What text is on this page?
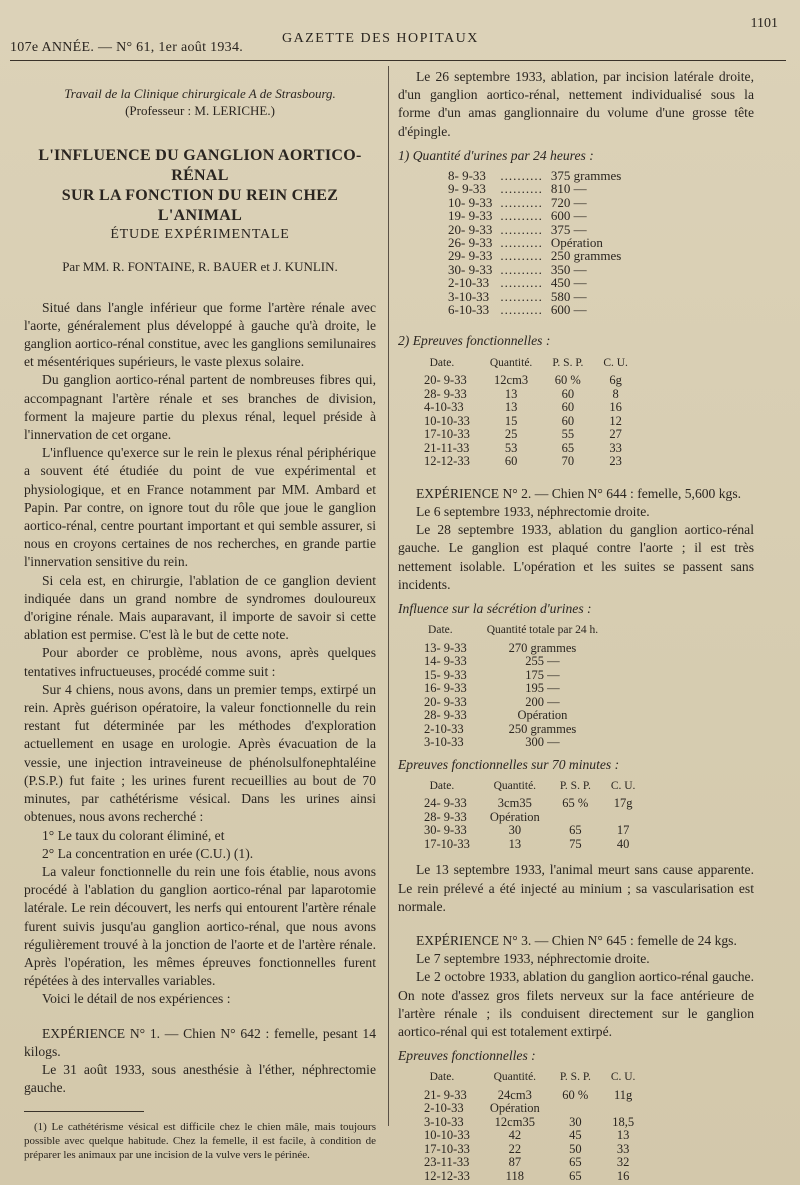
107e ANNÉE. — N° 61, 1er août 1934.
GAZETTE DES HOPITAUX
1101
Travail de la Clinique chirurgicale A de Strasbourg.
(Professeur : M. LERICHE.)
L'INFLUENCE DU GANGLION AORTICO-RÉNAL
SUR LA FONCTION DU REIN CHEZ L'ANIMAL
ÉTUDE EXPÉRIMENTALE
Par MM. R. FONTAINE, R. BAUER et J. KUNLIN.

Situé dans l'angle inférieur que forme l'artère rénale avec l'aorte, généralement plus développé à gauche qu'à droite, le ganglion aortico-rénal constitue, avec les ganglions semilunaires et mésentériques supérieurs, le vaste plexus solaire.

Du ganglion aortico-rénal partent de nombreuses fibres qui, accompagnant l'artère rénale et ses branches de division, forment la majeure partie du plexus rénal, lequel préside à l'innervation de cet organe.

L'influence qu'exerce sur le rein le plexus rénal périphérique a souvent été étudiée du point de vue expérimental et physiologique, et en France notamment par MM. Ambard et Papin. Par contre, on ignore tout du rôle que joue le ganglion aortico-rénal, centre pourtant important et qui semble assurer, si nous en croyons certaines de nos recherches, en grande partie l'innervation sensitive du rein.

Si cela est, en chirurgie, l'ablation de ce ganglion devient indiquée dans un grand nombre de syndromes douloureux d'origine rénale. Mais auparavant, il importe de savoir si cette ablation est permise. C'est là le but de cette note.

Pour aborder ce problème, nous avons, après quelques tentatives infructueuses, procédé comme suit :

Sur 4 chiens, nous avons, dans un premier temps, extirpé un rein. Après guérison opératoire, la valeur fonctionnelle du rein restant fut déterminée par les méthodes d'exploration actuellement en usage en urologie. Après évacuation de la vessie, une injection intraveineuse de phénolsulfonephtaléine (P.S.P.) fut faite ; les urines furent recueillies au bout de 70 minutes, par cathétérisme vésical. Dans les urines ainsi obtenues, nous avons recherché :

1° Le taux du colorant éliminé, et

2° La concentration en urée (C.U.) (1).

La valeur fonctionnelle du rein une fois établie, nous avons procédé à l'ablation du ganglion aortico-rénal par laparotomie latérale. Le rein découvert, les nerfs qui entourent l'artère rénale furent suivis jusqu'au ganglion aortico-rénal, que nous avons régulièrement trouvé à la jonction de l'aorte et de l'artère rénale. Après l'opération, les mêmes épreuves fonctionnelles furent répétées à des intervalles variables.

Voici le détail de nos expériences :

EXPÉRIENCE N° 1. — Chien N° 642 : femelle, pesant 14 kilogs.

Le 31 août 1933, sous anesthésie à l'éther, néphrectomie gauche.

(1) Le cathétérisme vésical est difficile chez le chien mâle, mais toujours possible avec quelque habitude. Chez la femelle, il est facile, à condition de préparer les animaux par une incision de la vulve vers le périnée.

Le 26 septembre 1933, ablation, par incision latérale droite, d'un ganglion aortico-rénal, nettement individualisé sous la forme d'un amas ganglionnaire du volume d'une grosse tête d'épingle.

1) Quantité d'urines par 24 heures :
8- 9-33	..........	375 grammes
9- 9-33	..........	810 —
10- 9-33	..........	720 —
19- 9-33	..........	600 —
20- 9-33	..........	375 —
26- 9-33	..........	Opération
29- 9-33	..........	250 grammes
30- 9-33	..........	350 —
2-10-33	..........	450 —
3-10-33	..........	580 —
6-10-33	..........	600 —
2) Epreuves fonctionnelles :
Date.	Quantité.	P. S. P.	C. U.
20- 9-33	12cm3	60 %	6g
28- 9-33	13	60	8
4-10-33	13	60	16
10-10-33	15	60	12
17-10-33	25	55	27
21-11-33	53	65	33
12-12-33	60	70	23
EXPÉRIENCE N° 2. — Chien N° 644 : femelle, 5,600 kgs.

Le 6 septembre 1933, néphrectomie droite.

Le 28 septembre 1933, ablation du ganglion aortico-rénal gauche. Le ganglion est plaqué contre l'aorte ; il est très nettement isolable. L'opération et les suites se passent sans incidents.

Influence sur la sécrétion d'urines :
Date.	Quantité totale par 24 h.
13- 9-33	270 grammes
14- 9-33	255 —
15- 9-33	175 —
16- 9-33	195 —
20- 9-33	200 —
28- 9-33	Opération
2-10-33	250 grammes
3-10-33	300 —
Epreuves fonctionnelles sur 70 minutes :
Date.	Quantité.	P. S. P.	C. U.
24- 9-33	3cm35	65 %	17g
28- 9-33	Opération		
30- 9-33	30	65	17
17-10-33	13	75	40

Le 13 septembre 1933, l'animal meurt sans cause apparente. Le rein prélevé a été injecté au minium ; sa vascularisation est normale.

EXPÉRIENCE N° 3. — Chien N° 645 : femelle de 24 kgs.

Le 7 septembre 1933, néphrectomie droite.

Le 2 octobre 1933, ablation du ganglion aortico-rénal gauche. On note d'assez gros filets nerveux sur la face antérieure de l'artère rénale ; ils conduisent directement sur le ganglion aortico-rénal qui est totalement extirpé.

Epreuves fonctionnelles :
Date.	Quantité.	P. S. P.	C. U.
21- 9-33	24cm3	60 %	11g
2-10-33	Opération		
3-10-33	12cm35	30	18,5
10-10-33	42	45	13
17-10-33	22	50	33
23-11-33	87	65	32
12-12-33	118	65	16
